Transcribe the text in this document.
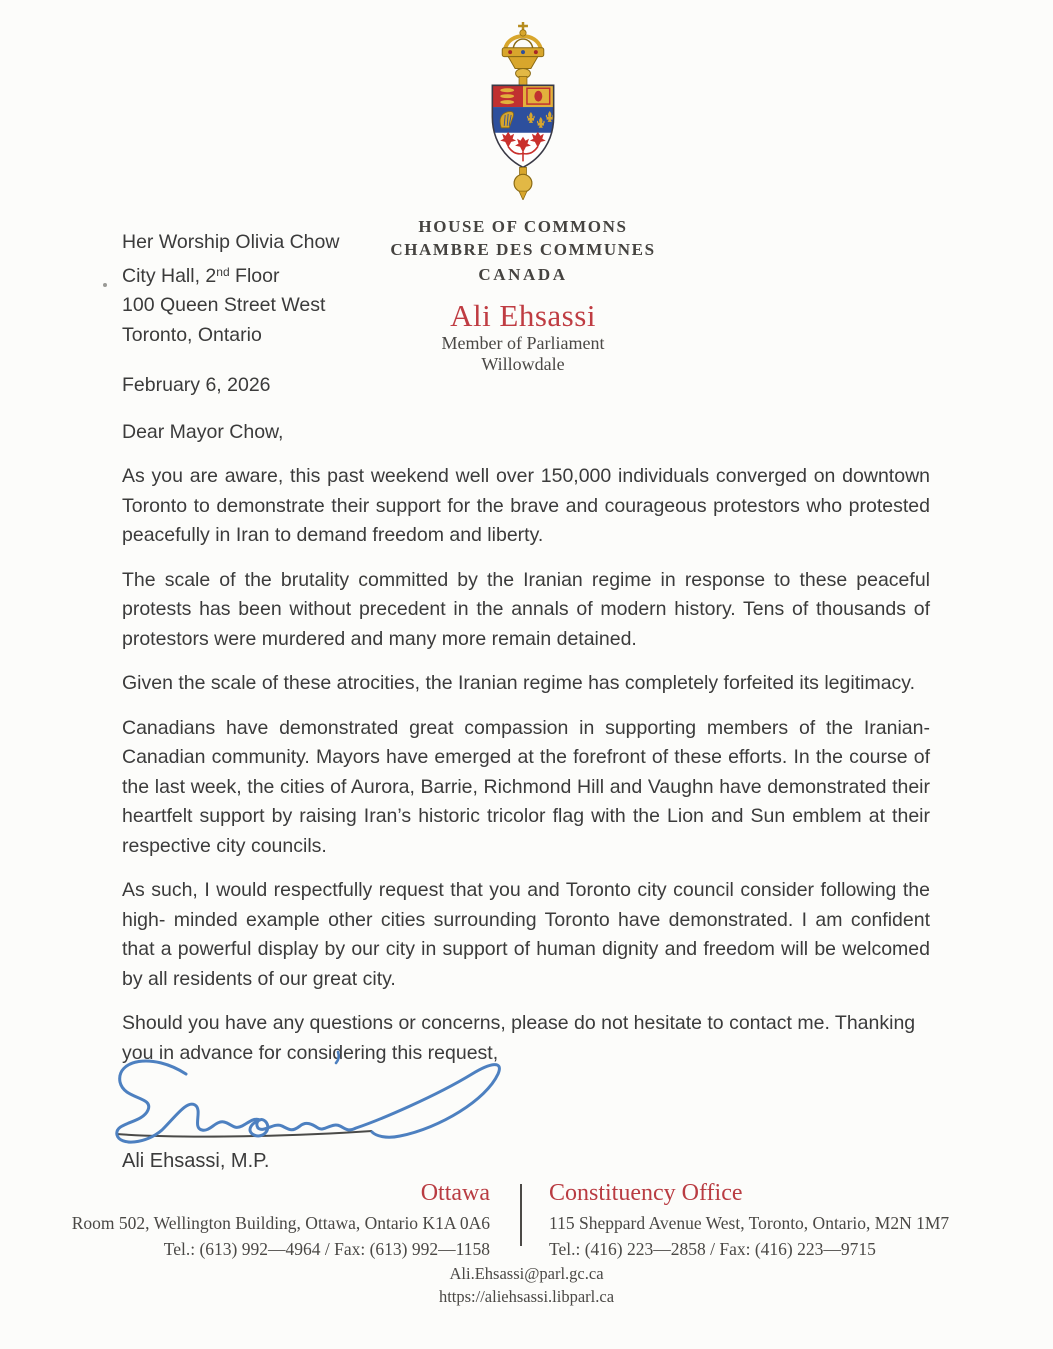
HOUSE OF COMMONS
CHAMBRE DES COMMUNES
CANADA
Ali Ehsassi
Member of Parliament
Willowdale
Her Worship Olivia Chow
City Hall, 2nd Floor
100 Queen Street West
Toronto, Ontario
February 6, 2026
Dear Mayor Chow,

As you are aware, this past weekend well over 150,000 individuals converged on downtown Toronto to demonstrate their support for the brave and courageous protestors who protested peacefully in Iran to demand freedom and liberty.

The scale of the brutality committed by the Iranian regime in response to these peaceful protests has been without precedent in the annals of modern history. Tens of thousands of protestors were murdered and many more remain detained.

Given the scale of these atrocities, the Iranian regime has completely forfeited its legitimacy.

Canadians have demonstrated great compassion in supporting members of the Iranian-Canadian community. Mayors have emerged at the forefront of these efforts. In the course of the last week, the cities of Aurora, Barrie, Richmond Hill and Vaughn have demonstrated their heartfelt support by raising Iran’s historic tricolor flag with the Lion and Sun emblem at their respective city councils.

As such, I would respectfully request that you and Toronto city council consider following the high- minded example other cities surrounding Toronto have demonstrated. I am confident that a powerful display by our city in support of human dignity and freedom will be welcomed by all residents of our great city.

Should you have any questions or concerns, please do not hesitate to contact me. Thanking you in advance for considering this request,

Ali Ehsassi, M.P.
Ottawa
Room 502, Wellington Building, Ottawa, Ontario K1A 0A6
Tel.: (613) 992—4964 / Fax: (613) 992—1158
Constituency Office
115 Sheppard Avenue West, Toronto, Ontario, M2N 1M7
Tel.: (416) 223—2858 / Fax: (416) 223—9715
Ali.Ehsassi@parl.gc.ca
https://aliehsassi.libparl.ca
